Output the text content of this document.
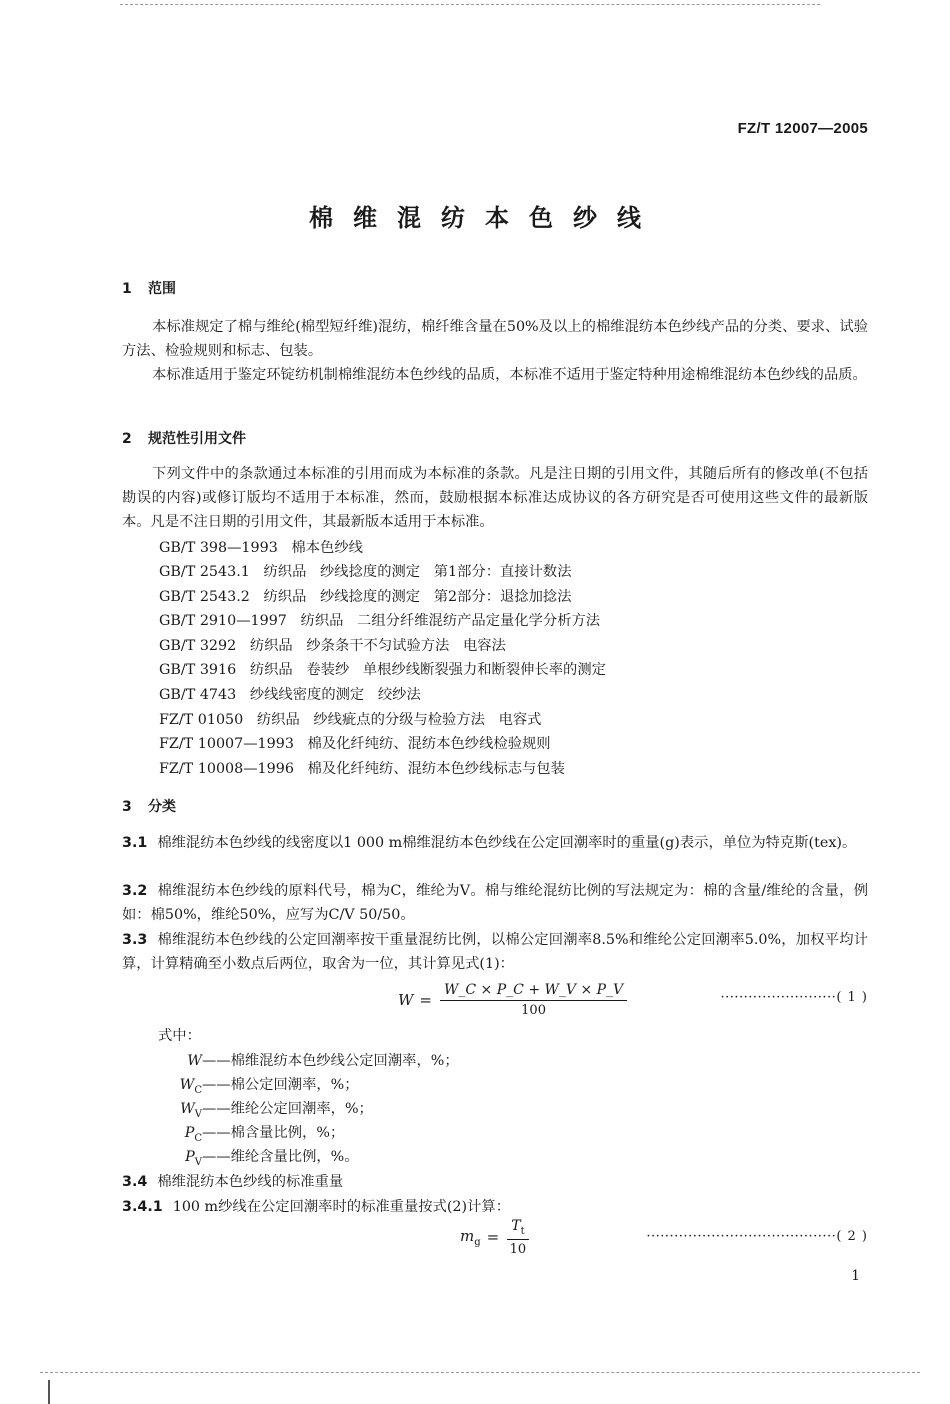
FZ/T 12007—2005
棉维混纺本色纱线
1 范围
本标准规定了棉与维纶(棉型短纤维)混纺，棉纤维含量在50%及以上的棉维混纺本色纱线产品的分类、要求、试验方法、检验规则和标志、包装。
本标准适用于鉴定环锭纺机制棉维混纺本色纱线的品质，本标准不适用于鉴定特种用途棉维混纺本色纱线的品质。
2 规范性引用文件
下列文件中的条款通过本标准的引用而成为本标准的条款。凡是注日期的引用文件，其随后所有的修改单(不包括勘误的内容)或修订版均不适用于本标准，然而，鼓励根据本标准达成协议的各方研究是否可使用这些文件的最新版本。凡是不注日期的引用文件，其最新版本适用于本标准。
GB/T 398—1993   棉本色纱线
GB/T 2543.1   纺织品   纱线捻度的测定   第1部分：直接计数法
GB/T 2543.2   纺织品   纱线捻度的测定   第2部分：退捻加捻法
GB/T 2910—1997   纺织品   二组分纤维混纺产品定量化学分析方法
GB/T 3292   纺织品   纱条条干不匀试验方法   电容法
GB/T 3916   纺织品   卷装纱   单根纱线断裂强力和断裂伸长率的测定
GB/T 4743   纱线线密度的测定   绞纱法
FZ/T 01050   纺织品   纱线疵点的分级与检验方法   电容式
FZ/T 10007—1993   棉及化纤纯纺、混纺本色纱线检验规则
FZ/T 10008—1996   棉及化纤纯纺、混纺本色纱线标志与包装
3 分类
3.1 棉维混纺本色纱线的线密度以1 000 m棉维混纺本色纱线在公定回潮率时的重量(g)表示，单位为特克斯(tex)。
3.2 棉维混纺本色纱线的原料代号，棉为C，维纶为V。棉与维纶混纺比例的写法规定为：棉的含量/维纶的含量，例如：棉50%，维纶50%，应写为C/V 50/50。
3.3 棉维混纺本色纱线的公定回潮率按干重量混纺比例，以棉公定回潮率8.5%和维纶公定回潮率5.0%，加权平均计算，计算精确至小数点后两位，取舍为一位，其计算见式(1)：
$W = \frac{W\_C \times P\_C + W\_V \times P\_V}{100}$	·························( 1 )
式中：
W——棉维混纺本色纱线公定回潮率，%；
$W_C——$棉公定回潮率，%；
$W_V——$维纶公定回潮率，%；
$P_C——$棉含量比例，%；
$P_V——$维纶含量比例，%。
3.4 棉维混纺本色纱线的标准重量
3.4.1 100 m纱线在公定回潮率时的标准重量按式(2)计算：
$m_g = \frac{T_t}{10}$	·········································( 2 )
1
